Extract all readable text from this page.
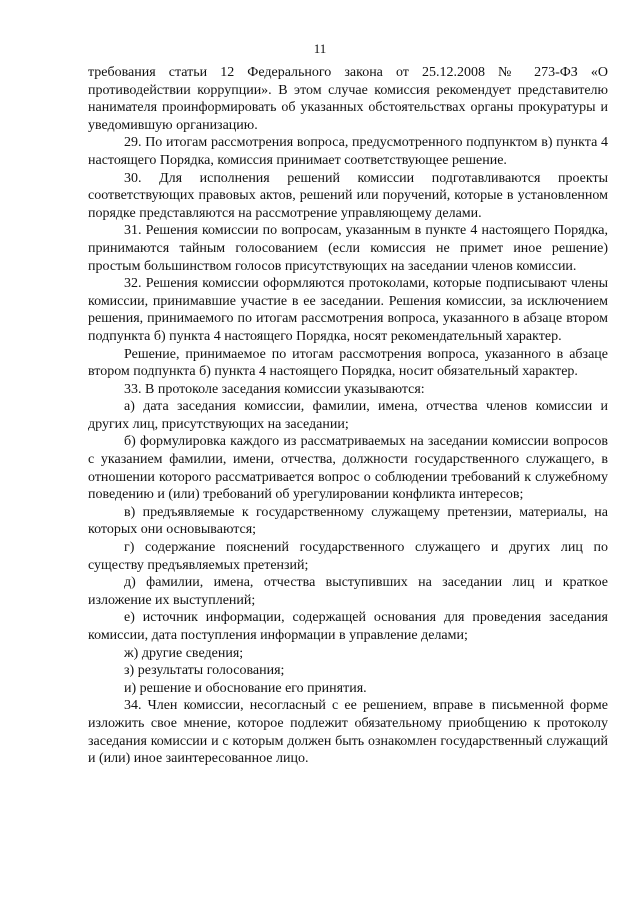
11

требования статьи 12 Федерального закона от 25.12.2008 № 273-ФЗ «О противодействии коррупции». В этом случае комиссия рекомендует представителю нанимателя проинформировать об указанных обстоятельствах органы прокуратуры и уведомившую организацию.

29. По итогам рассмотрения вопроса, предусмотренного подпунктом в) пункта 4 настоящего Порядка, комиссия принимает соответствующее решение.

30. Для исполнения решений комиссии подготавливаются проекты соответствующих правовых актов, решений или поручений, которые в установленном порядке представляются на рассмотрение управляющему делами.

31. Решения комиссии по вопросам, указанным в пункте 4 настоящего Порядка, принимаются тайным голосованием (если комиссия не примет иное решение) простым большинством голосов присутствующих на заседании членов комиссии.

32. Решения комиссии оформляются протоколами, которые подписывают члены комиссии, принимавшие участие в ее заседании. Решения комиссии, за исключением решения, принимаемого по итогам рассмотрения вопроса, указанного в абзаце втором подпункта б) пункта 4 настоящего Порядка, носят рекомендательный характер.

Решение, принимаемое по итогам рассмотрения вопроса, указанного в абзаце втором подпункта б) пункта 4 настоящего Порядка, носит обязательный характер.

33. В протоколе заседания комиссии указываются:

а) дата заседания комиссии, фамилии, имена, отчества членов комиссии и других лиц, присутствующих на заседании;

б) формулировка каждого из рассматриваемых на заседании комиссии вопросов с указанием фамилии, имени, отчества, должности государственного служащего, в отношении которого рассматривается вопрос о соблюдении требований к служебному поведению и (или) требований об урегулировании конфликта интересов;

в) предъявляемые к государственному служащему претензии, материалы, на которых они основываются;

г) содержание пояснений государственного служащего и других лиц по существу предъявляемых претензий;

д) фамилии, имена, отчества выступивших на заседании лиц и краткое изложение их выступлений;

е) источник информации, содержащей основания для проведения заседания комиссии, дата поступления информации в управление делами;

ж) другие сведения;

з) результаты голосования;

и) решение и обоснование его принятия.

34. Член комиссии, несогласный с ее решением, вправе в письменной форме изложить свое мнение, которое подлежит обязательному приобщению к протоколу заседания комиссии и с которым должен быть ознакомлен государственный служащий и (или) иное заинтересованное лицо.
